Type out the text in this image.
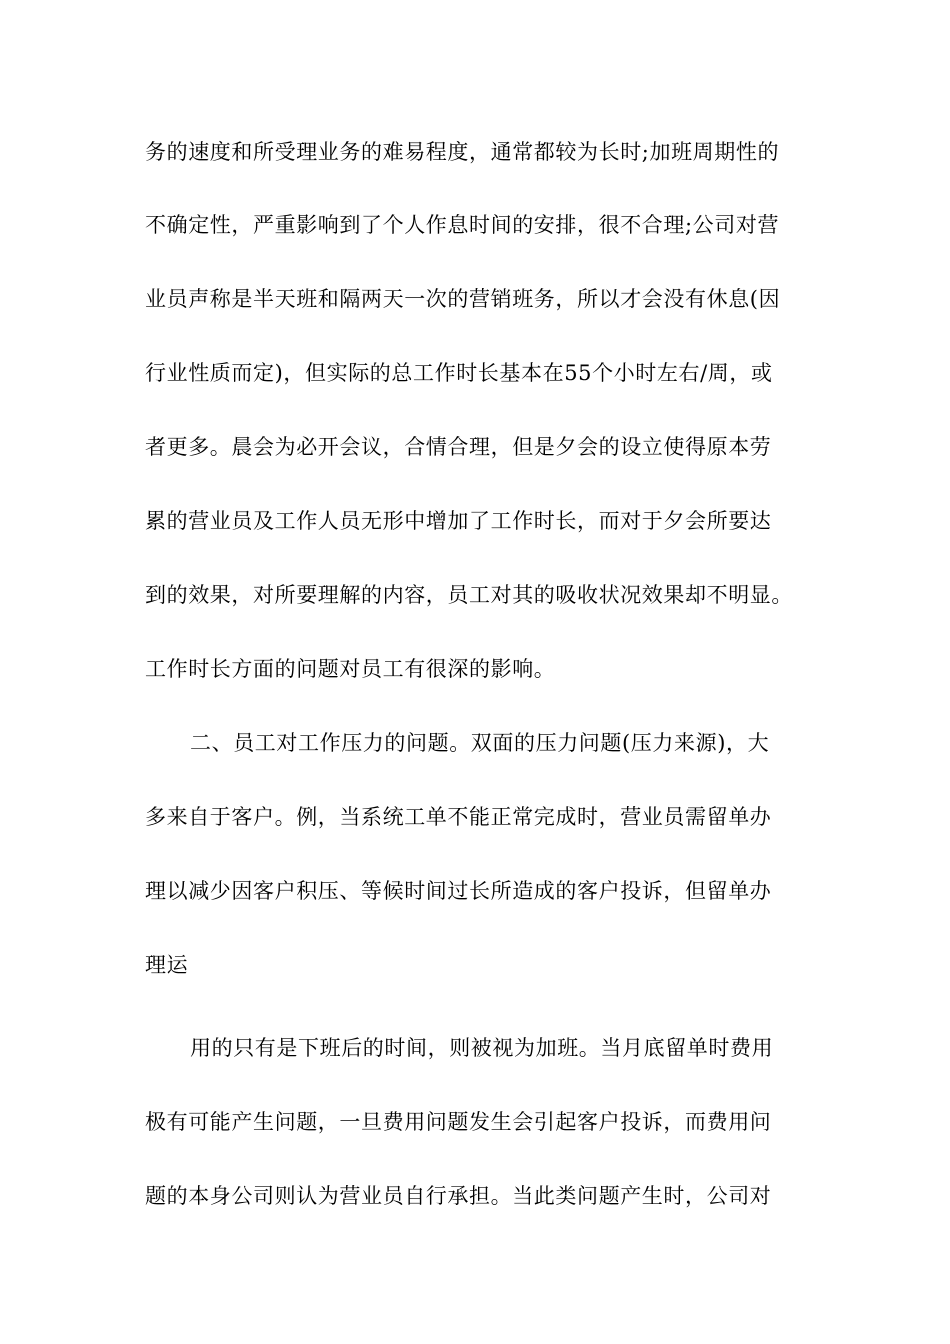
务的速度和所受理业务的难易程度，通常都较为长时;加班周期性的
不确定性，严重影响到了个人作息时间的安排，很不合理;公司对营
业员声称是半天班和隔两天一次的营销班务，所以才会没有休息(因
行业性质而定)，但实际的总工作时长基本在55个小时左右/周，或
者更多。晨会为必开会议，合情合理，但是夕会的设立使得原本劳
累的营业员及工作人员无形中增加了工作时长，而对于夕会所要达
到的效果，对所要理解的内容，员工对其的吸收状况效果却不明显。
工作时长方面的问题对员工有很深的影响。
二、员工对工作压力的问题。双面的压力问题(压力来源)，大
多来自于客户。例，当系统工单不能正常完成时，营业员需留单办
理以减少因客户积压、等候时间过长所造成的客户投诉，但留单办
理运
用的只有是下班后的时间，则被视为加班。当月底留单时费用
极有可能产生问题，一旦费用问题发生会引起客户投诉，而费用问
题的本身公司则认为营业员自行承担。当此类问题产生时，公司对
